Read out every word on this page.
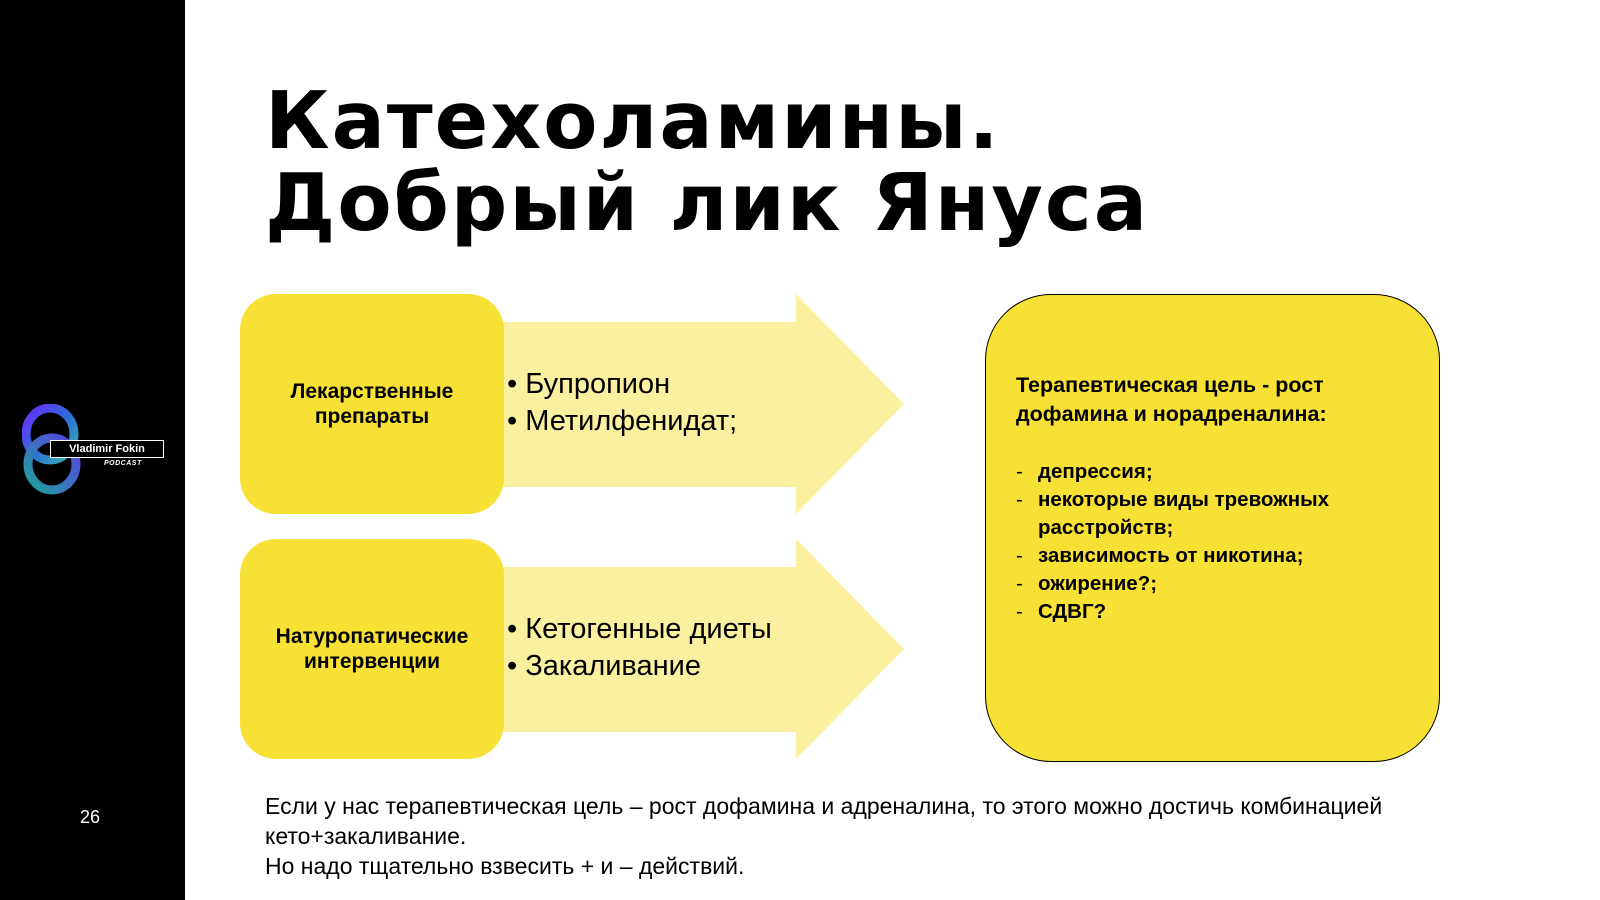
Vladimir Fokin
PODCAST
26
Катехоламины.
Добрый лик Януса
Лекарственные препараты
• Бупропион
• Метилфенидат;
Натуропатические интервенции
• Кетогенные диеты
• Закаливание

Терапевтическая цель - рост дофамина и норадреналина:

- депрессия;
- некоторые виды тревожных расстройств;
- зависимость от никотина;
- ожирение?;
- СДВГ?
Если у нас терапевтическая цель – рост дофамина и адреналина, то этого можно достичь комбинацией кето+закаливание.
Но надо тщательно взвесить + и – действий.
